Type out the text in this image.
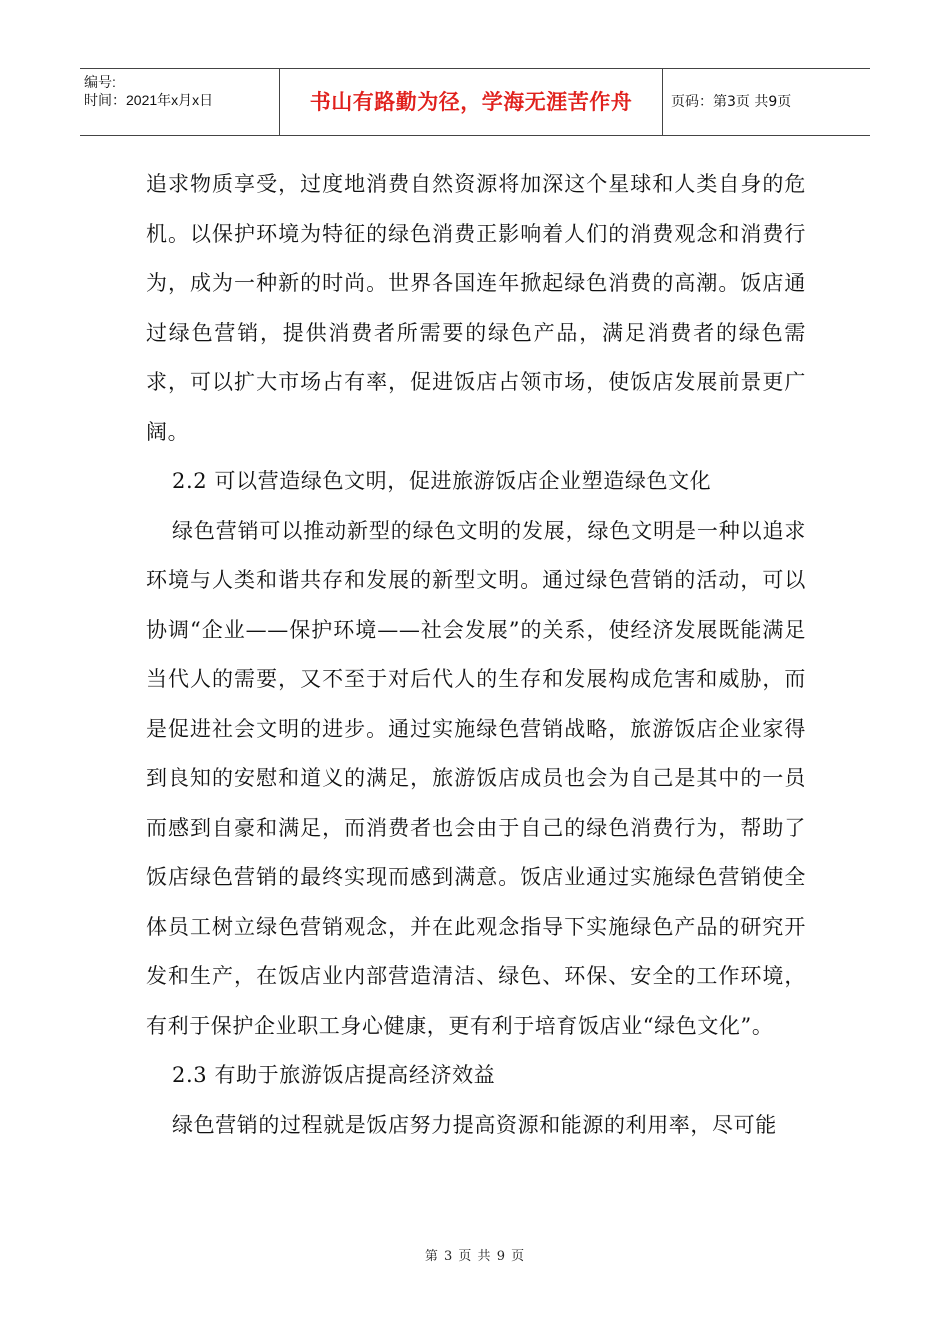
编号:
时间：2021年x月x日	书山有路勤为径，学海无涯苦作舟	页码：第3页 共9页

追求物质享受，过度地消费自然资源将加深这个星球和人类自身的危机。以保护环境为特征的绿色消费正影响着人们的消费观念和消费行为，成为一种新的时尚。世界各国连年掀起绿色消费的高潮。饭店通过绿色营销，提供消费者所需要的绿色产品，满足消费者的绿色需求，可以扩大市场占有率，促进饭店占领市场，使饭店发展前景更广阔。

2.2 可以营造绿色文明，促进旅游饭店企业塑造绿色文化

绿色营销可以推动新型的绿色文明的发展，绿色文明是一种以追求环境与人类和谐共存和发展的新型文明。通过绿色营销的活动，可以协调“企业——保护环境——社会发展”的关系，使经济发展既能满足当代人的需要，又不至于对后代人的生存和发展构成危害和威胁，而是促进社会文明的进步。通过实施绿色营销战略，旅游饭店企业家得到良知的安慰和道义的满足，旅游饭店成员也会为自己是其中的一员而感到自豪和满足，而消费者也会由于自己的绿色消费行为，帮助了饭店绿色营销的最终实现而感到满意。饭店业通过实施绿色营销使全体员工树立绿色营销观念，并在此观念指导下实施绿色产品的研究开发和生产，在饭店业内部营造清洁、绿色、环保、安全的工作环境，有利于保护企业职工身心健康，更有利于培育饭店业“绿色文化”。

2.3 有助于旅游饭店提高经济效益

绿色营销的过程就是饭店努力提高资源和能源的利用率，尽可能

第 3 页 共 9 页
